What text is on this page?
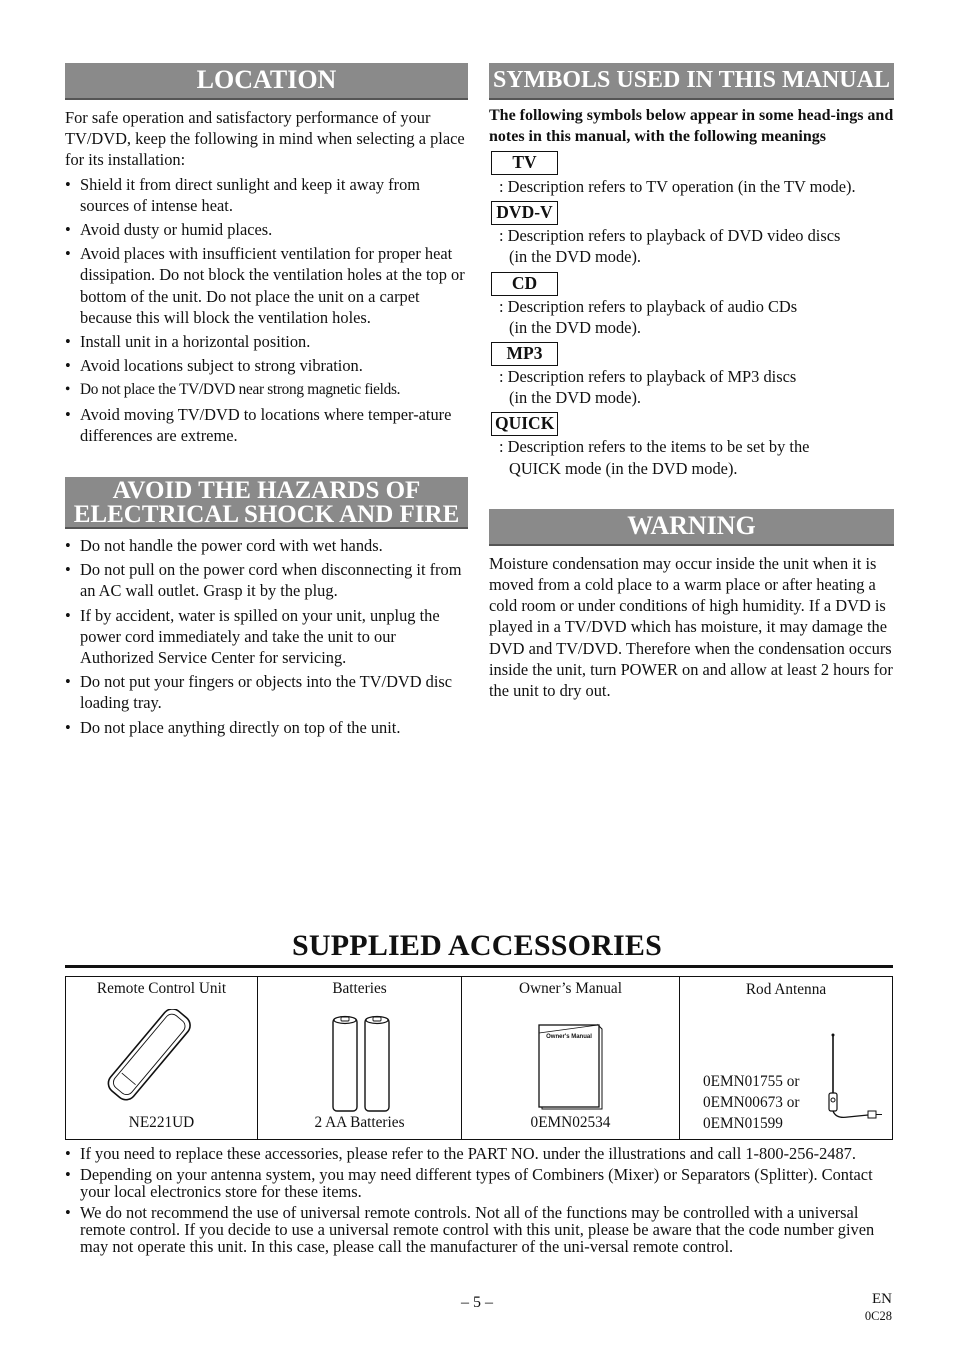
LOCATION

For safe operation and satisfactory performance of your TV/DVD, keep the following in mind when selecting a place for its installation:

• Shield it from direct sunlight and keep it away from sources of intense heat.
• Avoid dusty or humid places.
• Avoid places with insufficient ventilation for proper heat dissipation. Do not block the ventilation holes at the top or bottom of the unit. Do not place the unit on a carpet because this will block the ventilation holes.
• Install unit in a horizontal position.
• Avoid locations subject to strong vibration.
• Do not place the TV/DVD near strong magnetic fields.
• Avoid moving TV/DVD to locations where temper-ature differences are extreme.
AVOID THE HAZARDS OF
ELECTRICAL SHOCK AND FIRE
• Do not handle the power cord with wet hands.
• Do not pull on the power cord when disconnecting it from an AC wall outlet. Grasp it by the plug.
• If by accident, water is spilled on your unit, unplug the power cord immediately and take the unit to our Authorized Service Center for servicing.
• Do not put your fingers or objects into the TV/DVD disc loading tray.
• Do not place anything directly on top of the unit.
SYMBOLS USED IN THIS MANUAL

The following symbols below appear in some head-ings and notes in this manual, with the following meanings

TV
: Description refers to TV operation (in the TV mode).
DVD-V
: Description refers to playback of DVD video discs
(in the DVD mode).
CD
: Description refers to playback of audio CDs
(in the DVD mode).
MP3
: Description refers to playback of MP3 discs
(in the DVD mode).
QUICK
: Description refers to the items to be set by the
QUICK mode (in the DVD mode).
WARNING

Moisture condensation may occur inside the unit when it is moved from a cold place to a warm place or after heating a cold room or under conditions of high humidity. If a DVD is played in a TV/DVD which has moisture, it may damage the DVD and TV/DVD. Therefore when the condensation occurs inside the unit, turn POWER on and allow at least 2 hours for the unit to dry out.

SUPPLIED ACCESSORIES
Remote Control Unit
NE221UD
Batteries
2 AA Batteries
Owner’s Manual
Owner's Manual
0EMN02534
Rod Antenna
0EMN01755 or
0EMN00673 or
0EMN01599
• If you need to replace these accessories, please refer to the PART NO. under the illustrations and call 1-800-256-2487.
• Depending on your antenna system, you may need different types of Combiners (Mixer) or Separators (Splitter). Contact your local electronics store for these items.
• We do not recommend the use of universal remote controls. Not all of the functions may be controlled with a universal remote control. If you decide to use a universal remote control with this unit, please be aware that the code number given may not operate this unit. In this case, please call the manufacturer of the uni-versal remote control.
– 5 –	EN
0C28
